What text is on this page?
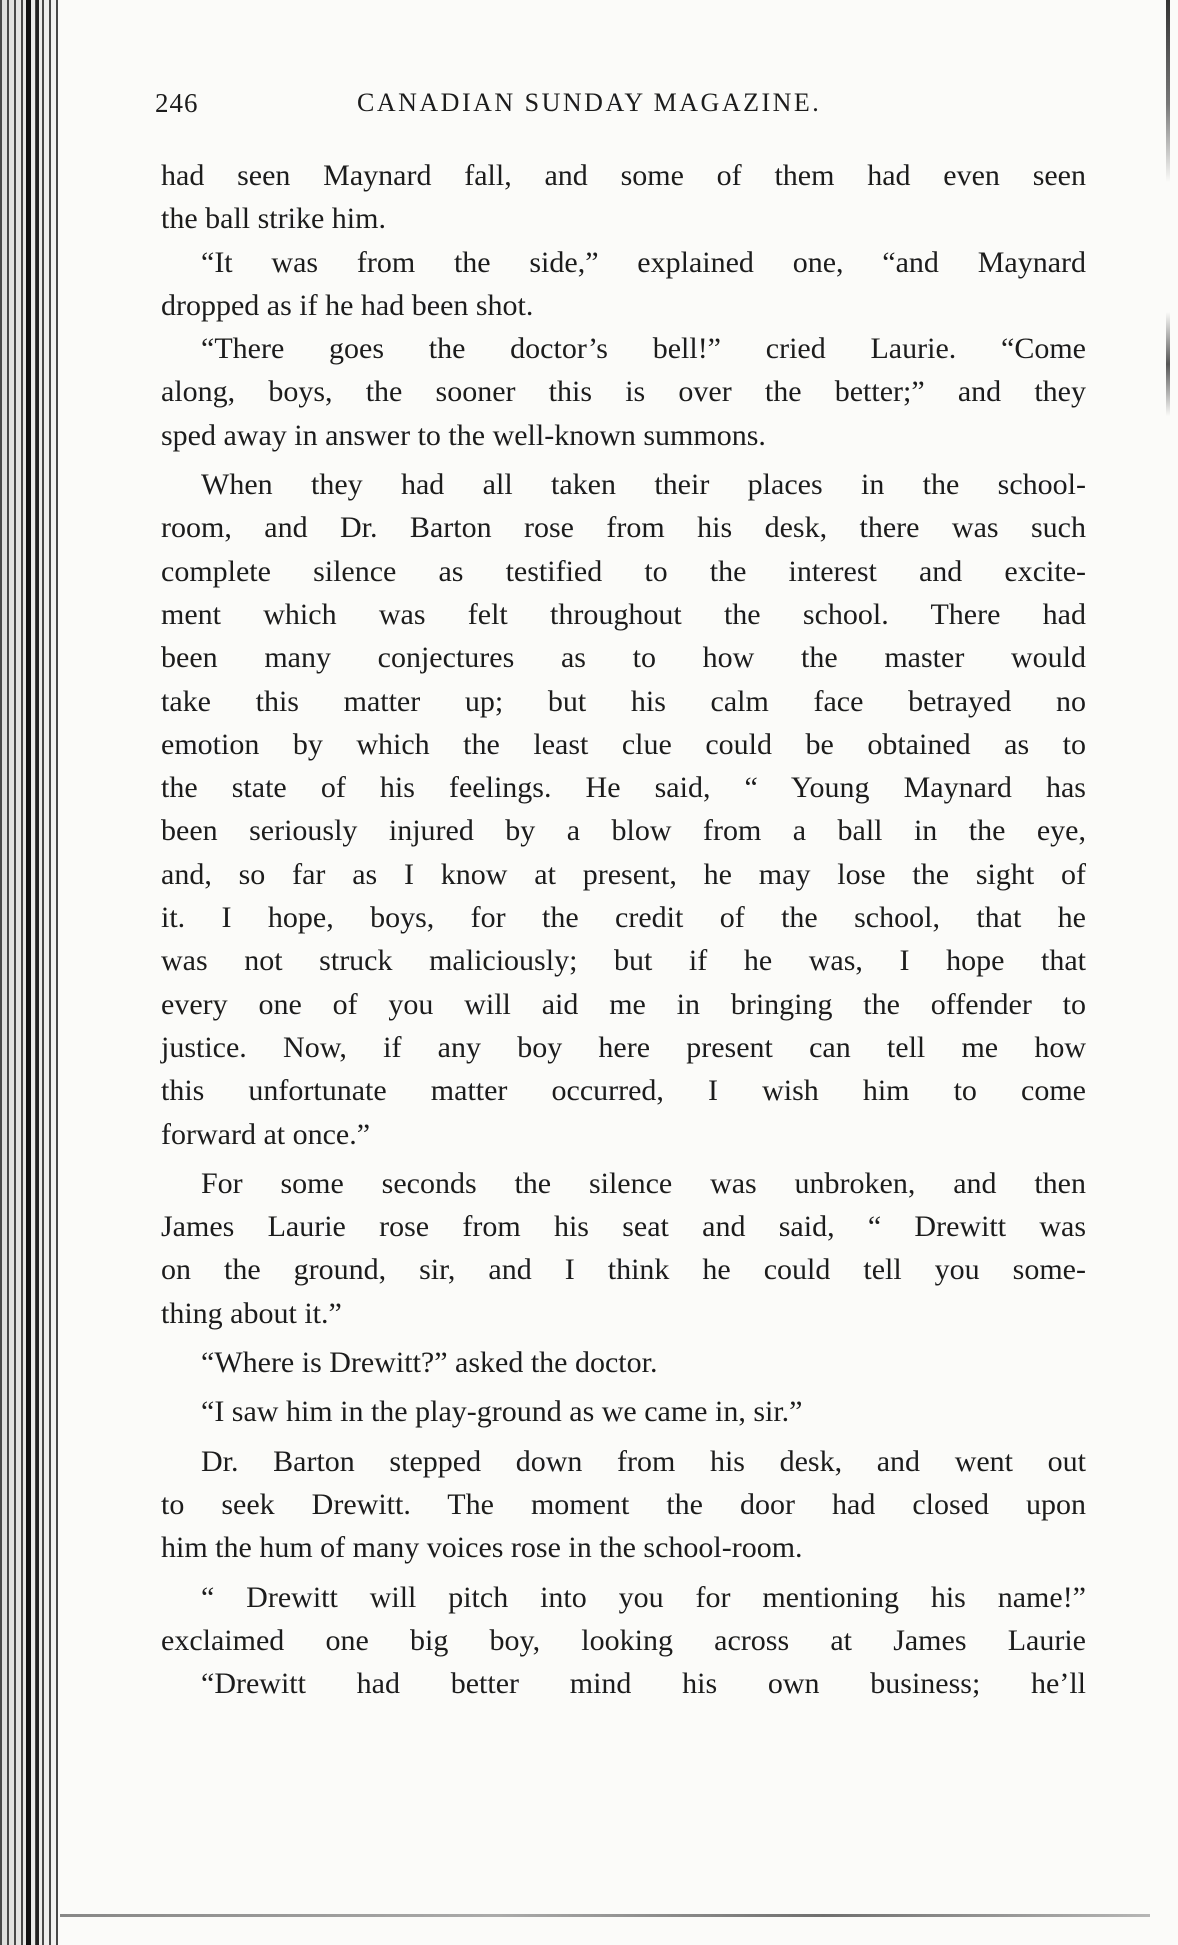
246	CANADIAN SUNDAY MAGAZINE.
had seen Maynard fall, and some of them had even seen
the ball strike him.
“It was from the side,” explained one, “and Maynard
dropped as if he had been shot.
“There goes the doctor’s bell!” cried Laurie. “Come
along, boys, the sooner this is over the better;” and they
sped away in answer to the well-known summons.
When they had all taken their places in the school-
room, and Dr. Barton rose from his desk, there was such
complete silence as testified to the interest and excite-
ment which was felt throughout the school. There had
been many conjectures as to how the master would
take this matter up; but his calm face betrayed no
emotion by which the least clue could be obtained as to
the state of his feelings. He said, “ Young Maynard has
been seriously injured by a blow from a ball in the eye,
and, so far as I know at present, he may lose the sight of
it. I hope, boys, for the credit of the school, that he
was not struck maliciously; but if he was, I hope that
every one of you will aid me in bringing the offender to
justice. Now, if any boy here present can tell me how
this unfortunate matter occurred, I wish him to come
forward at once.”
For some seconds the silence was unbroken, and then
James Laurie rose from his seat and said, “ Drewitt was
on the ground, sir, and I think he could tell you some-
thing about it.”
“Where is Drewitt?” asked the doctor.
“I saw him in the play-ground as we came in, sir.”
Dr. Barton stepped down from his desk, and went out
to seek Drewitt. The moment the door had closed upon
him the hum of many voices rose in the school-room.
“ Drewitt will pitch into you for mentioning his name!”
exclaimed one big boy, looking across at James Laurie
“Drewitt had better mind his own business; he’ll
